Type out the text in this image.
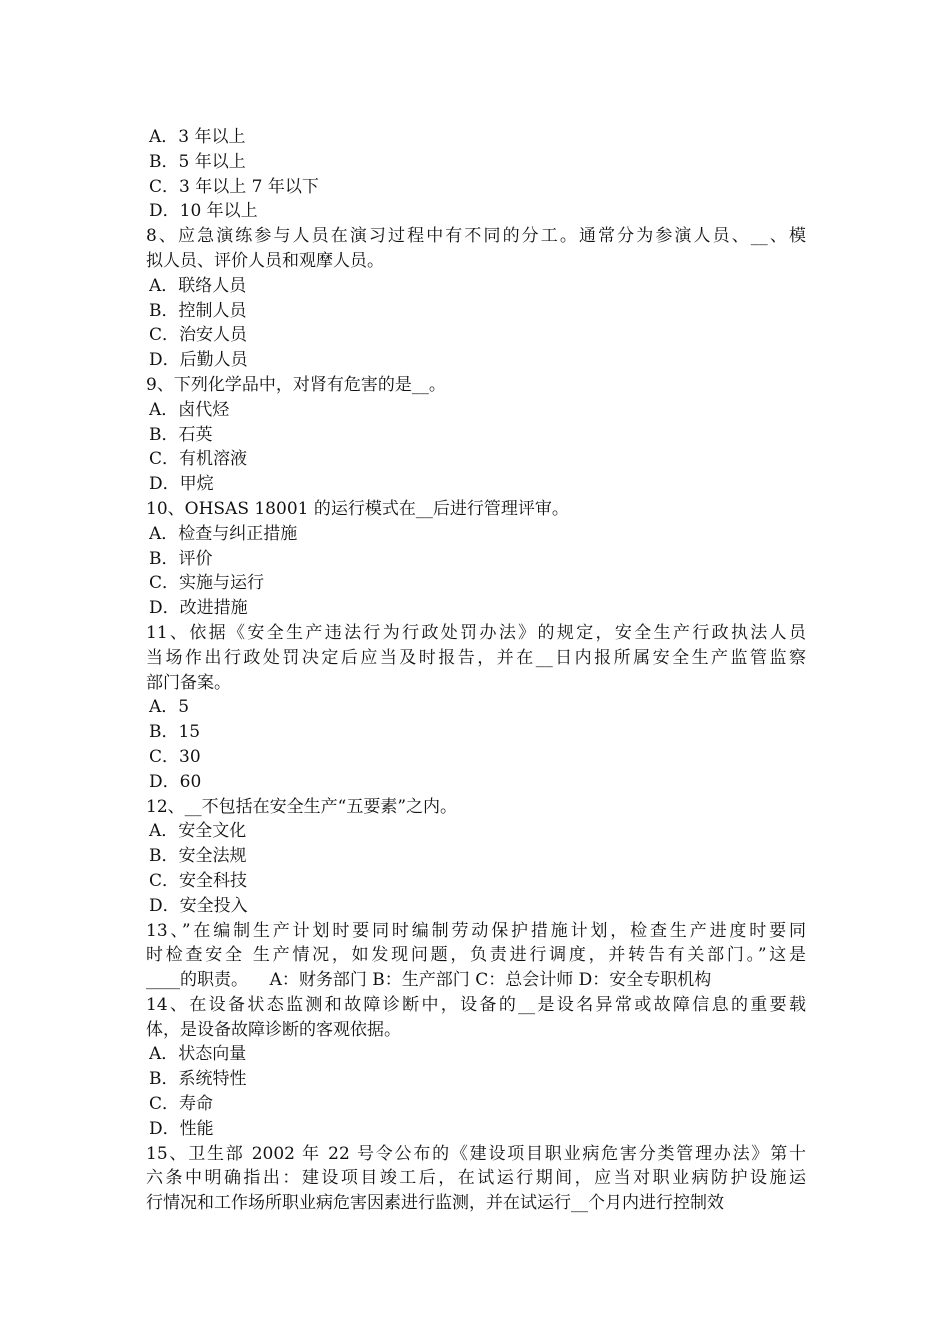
A．3 年以上
B．5 年以上
C．3 年以上 7 年以下
D．10 年以上
8、应急演练参与人员在演习过程中有不同的分工。通常分为参演人员、__、模
拟人员、评价人员和观摩人员。
A．联络人员
B．控制人员
C．治安人员
D．后勤人员
9、下列化学品中，对肾有危害的是__。
A．卤代烃
B．石英
C．有机溶液
D．甲烷
10、OHSAS 18001 的运行模式在__后进行管理评审。
A．检查与纠正措施
B．评价
C．实施与运行
D．改进措施
11、依据《安全生产违法行为行政处罚办法》的规定，安全生产行政执法人员
当场作出行政处罚决定后应当及时报告，并在__日内报所属安全生产监管监察
部门备案。
A．5
B．15
C．30
D．60
12、__不包括在安全生产“五要素”之内。
A．安全文化
B．安全法规
C．安全科技
D．安全投入
13、”在编制生产计划时要同时编制劳动保护措施计划，检查生产进度时要同
时检查安全 生产情况，如发现问题，负责进行调度，并转告有关部门。”这是
____的职责。    A：财务部门 B：生产部门 C：总会计师 D：安全专职机构
14、在设备状态监测和故障诊断中，设备的__是设名异常或故障信息的重要载
体，是设备故障诊断的客观依据。
A．状态向量
B．系统特性
C．寿命
D．性能
15、卫生部 2002 年 22 号令公布的《建设项目职业病危害分类管理办法》第十
六条中明确指出：建设项目竣工后，在试运行期间，应当对职业病防护设施运
行情况和工作场所职业病危害因素进行监测，并在试运行__个月内进行控制效
